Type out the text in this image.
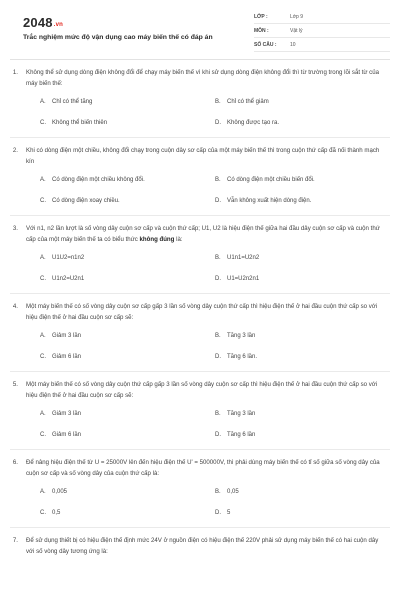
2048.vn
Trắc nghiệm mức độ vận dụng cao máy biến thế có đáp án
LỚP :	Lớp 9
MÔN :	Vật lý
SỐ CÂU :	10
1.	Không thể sử dụng dòng điện không đổi để chạy máy biến thế vì khi sử dụng dòng điện không đổi thì từ trường trong lõi sắt từ của máy biến thế:
A.	Chỉ có thể tăng	B.	Chỉ có thể giảm
C.	Không thể biến thiên	D.	Không được tạo ra.
2.	Khi có dòng điện một chiều, không đổi chạy trong cuộn dây sơ cấp của một máy biến thế thì trong cuộn thứ cấp đã nối thành mạch kín
A.	Có dòng điện một chiều không đổi.	B.	Có dòng điện một chiều biến đổi.
C.	Có dòng điện xoay chiều.	D.	Vẫn không xuất hiện dòng điện.
3.	Với n1, n2 lần lượt là số vòng dây cuộn sơ cấp và cuộn thứ cấp; U1, U2 là hiệu điện thế giữa hai đầu dây cuộn sơ cấp và cuộn thứ cấp của một máy biến thế ta có biểu thức không đúng là:
A.	U1U2=n1n2	B.	U1n1=U2n2
C.	U1n2=U2n1	D.	U1=U2n2n1
4.	Một máy biến thế có số vòng dây cuộn sơ cấp gấp 3 lần số vòng dây cuộn thứ cấp thì hiệu điện thế ở hai đầu cuộn thứ cấp so với hiệu điện thế ở hai đầu cuộn sơ cấp sẽ:
A.	Giảm 3 lần	B.	Tăng 3 lần
C.	Giảm 6 lần	D.	Tăng 6 lần.
5.	Một máy biến thế có số vòng dây cuộn thứ cấp gấp 3 lần số vòng dây cuộn sơ cấp thì hiệu điện thế ở hai đầu cuộn thứ cấp so với hiệu điện thế ở hai đầu cuộn sơ cấp sẽ:
A.	Giảm 3 lần	B.	Tăng 3 lần
C.	Giảm 6 lần	D.	Tăng 6 lần
6.	Để nâng hiệu điện thế từ U = 25000V lên đến hiệu điện thế U' = 500000V, thì phải dùng máy biến thế có tỉ số giữa số vòng dây của cuộn sơ cấp và số vòng dây của cuộn thứ cấp là:
A.	0,005	B.	0,05
C.	0,5	D.	5
7.	Để sử dụng thiết bị có hiệu điện thế định mức 24V ở nguồn điện có hiệu điện thế 220V phải sử dụng máy biến thế có hai cuộn dây với số vòng dây tương ứng là:
